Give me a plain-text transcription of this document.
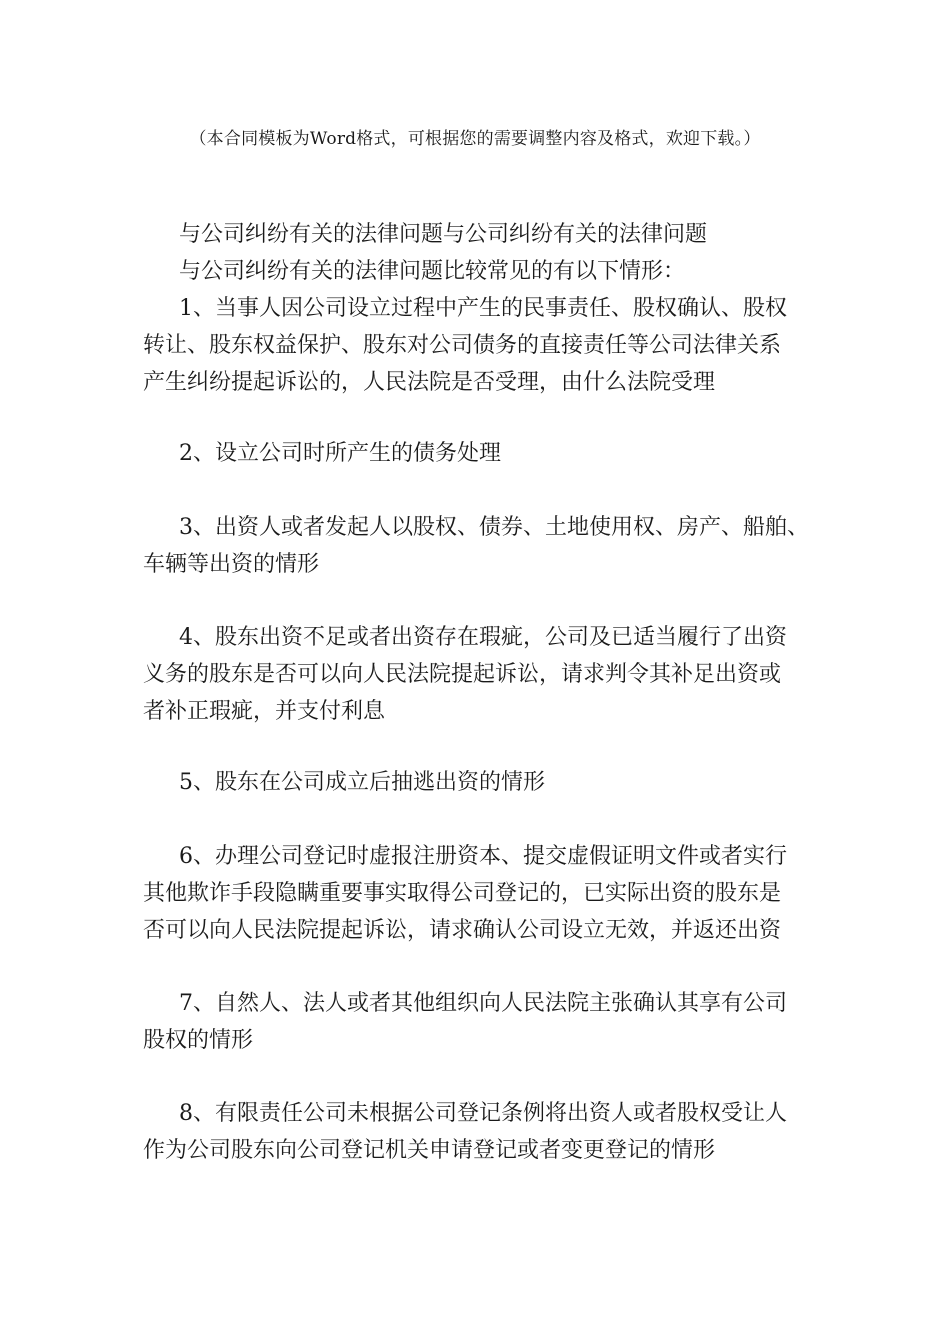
（本合同模板为Word格式，可根据您的需要调整内容及格式，欢迎下载。）
与公司纠纷有关的法律问题与公司纠纷有关的法律问题
与公司纠纷有关的法律问题比较常见的有以下情形：
1、当事人因公司设立过程中产生的民事责任、股权确认、股权
转让、股东权益保护、股东对公司债务的直接责任等公司法律关系
产生纠纷提起诉讼的，人民法院是否受理，由什么法院受理
2、设立公司时所产生的债务处理
3、出资人或者发起人以股权、债券、土地使用权、房产、船舶、
车辆等出资的情形
4、股东出资不足或者出资存在瑕疵，公司及已适当履行了出资
义务的股东是否可以向人民法院提起诉讼，请求判令其补足出资或
者补正瑕疵，并支付利息
5、股东在公司成立后抽逃出资的情形
6、办理公司登记时虚报注册资本、提交虚假证明文件或者实行
其他欺诈手段隐瞒重要事实取得公司登记的，已实际出资的股东是
否可以向人民法院提起诉讼，请求确认公司设立无效，并返还出资
7、自然人、法人或者其他组织向人民法院主张确认其享有公司
股权的情形
8、有限责任公司未根据公司登记条例将出资人或者股权受让人
作为公司股东向公司登记机关申请登记或者变更登记的情形
